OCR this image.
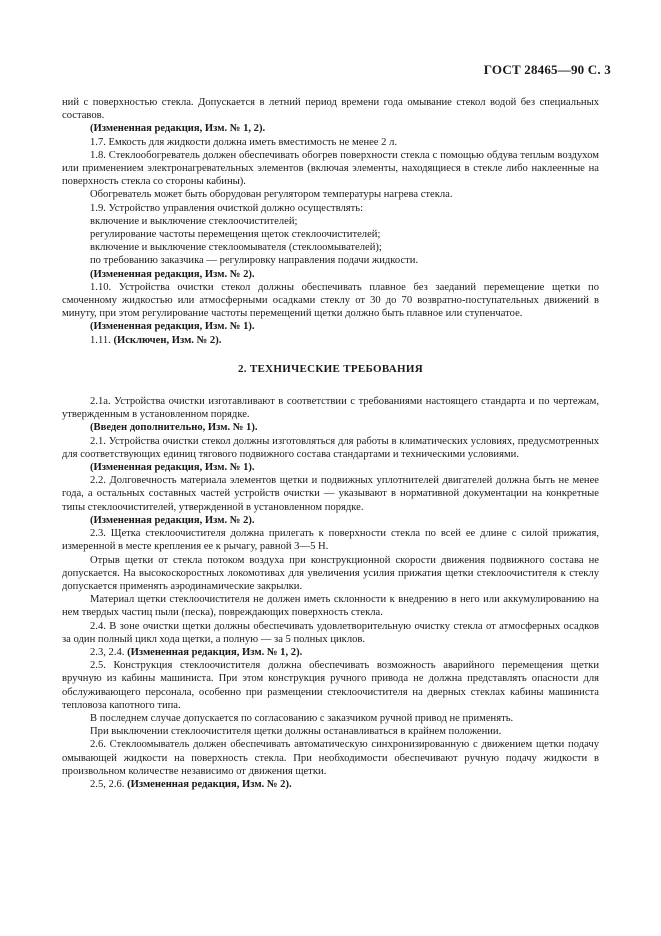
ГОСТ 28465—90 С. 3

ний с поверхностью стекла. Допускается в летний период времени года омывание стекол водой без специальных составов.

(Измененная редакция, Изм. № 1, 2).

1.7. Емкость для жидкости должна иметь вместимость не менее 2 л.

1.8. Стеклообогреватель должен обеспечивать обогрев поверхности стекла с помощью обдува теплым воздухом или применением электронагревательных элементов (включая элементы, находящиеся в стекле либо наклеенные на поверхность стекла со стороны кабины).

Обогреватель может быть оборудован регулятором температуры нагрева стекла.

1.9. Устройство управления очисткой должно осуществлять:

включение и выключение стеклоочистителей;

регулирование частоты перемещения щеток стеклоочистителей;

включение и выключение стеклоомывателя (стеклоомывателей);

по требованию заказчика — регулировку направления подачи жидкости.

(Измененная редакция, Изм. № 2).

1.10. Устройства очистки стекол должны обеспечивать плавное без заеданий перемещение щетки по смоченному жидкостью или атмосферными осадками стеклу от 30 до 70 возвратно-поступательных движений в минуту, при этом регулирование частоты перемещений щетки должно быть плавное или ступенчатое.

(Измененная редакция, Изм. № 1).

1.11. (Исключен, Изм. № 2).

2. ТЕХНИЧЕСКИЕ ТРЕБОВАНИЯ

2.1а. Устройства очистки изготавливают в соответствии с требованиями настоящего стандарта и по чертежам, утвержденным в установленном порядке.

(Введен дополнительно, Изм. № 1).

2.1. Устройства очистки стекол должны изготовляться для работы в климатических условиях, предусмотренных для соответствующих единиц тягового подвижного состава стандартами и техническими условиями.

(Измененная редакция, Изм. № 1).

2.2. Долговечность материала элементов щетки и подвижных уплотнителей двигателей должна быть не менее года, а остальных составных частей устройств очистки — указывают в нормативной документации на конкретные типы стеклоочистителей, утвержденной в установленном порядке.

(Измененная редакция, Изм. № 2).

2.3. Щетка стеклоочистителя должна прилегать к поверхности стекла по всей ее длине с силой прижатия, измеренной в месте крепления ее к рычагу, равной 3—5 Н.

Отрыв щетки от стекла потоком воздуха при конструкционной скорости движения подвижного состава не допускается. На высокоскоростных локомотивах для увеличения усилия прижатия щетки стеклоочистителя к стеклу допускается применять аэродинамические закрылки.

Материал щетки стеклоочистителя не должен иметь склонности к внедрению в него или аккумулированию на нем твердых частиц пыли (песка), повреждающих поверхность стекла.

2.4. В зоне очистки щетки должны обеспечивать удовлетворительную очистку стекла от атмосферных осадков за один полный цикл хода щетки, а полную — за 5 полных циклов.

2.3, 2.4. (Измененная редакция, Изм. № 1, 2).

2.5. Конструкция стеклоочистителя должна обеспечивать возможность аварийного перемещения щетки вручную из кабины машиниста. При этом конструкция ручного привода не должна представлять опасности для обслуживающего персонала, особенно при размещении стеклоочистителя на дверных стеклах кабины машиниста тепловоза капотного типа.

В последнем случае допускается по согласованию с заказчиком ручной привод не применять.

При выключении стеклоочистителя щетки должны останавливаться в крайнем положении.

2.6. Стеклоомыватель должен обеспечивать автоматическую синхронизированную с движением щетки подачу омывающей жидкости на поверхность стекла. При необходимости обеспечивают ручную подачу жидкости в произвольном количестве независимо от движения щетки.

2.5, 2.6. (Измененная редакция, Изм. № 2).
